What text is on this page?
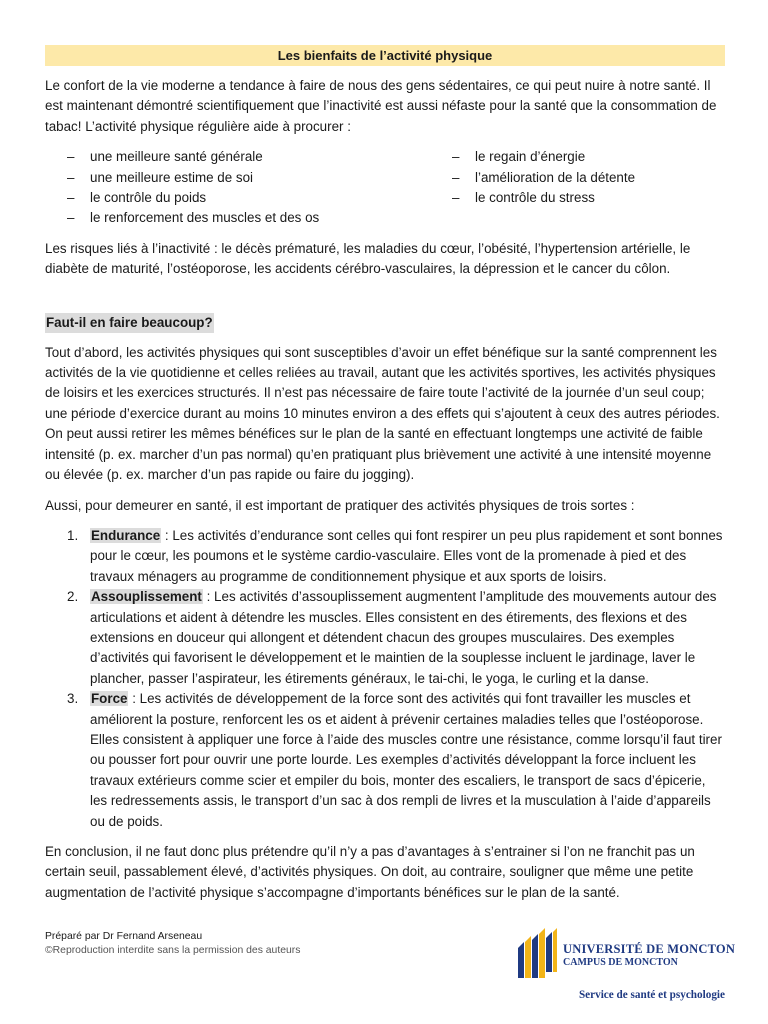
Les bienfaits de l’activité physique

Le confort de la vie moderne a tendance à faire de nous des gens sédentaires, ce qui peut nuire à notre santé. Il est maintenant démontré scientifiquement que l’inactivité est aussi néfaste pour la santé que la consommation de tabac! L’activité physique régulière aide à procurer :

– une meilleure santé générale
– une meilleure estime de soi
– le contrôle du poids
– le renforcement des muscles et des os
– le regain d’énergie
– l’amélioration de la détente
– le contrôle du stress

Les risques liés à l’inactivité : le décès prématuré, les maladies du cœur, l’obésité, l’hypertension artérielle, le diabète de maturité, l’ostéoporose, les accidents cérébro-vasculaires, la dépression et le cancer du côlon.

Faut-il en faire beaucoup?

Tout d’abord, les activités physiques qui sont susceptibles d’avoir un effet bénéfique sur la santé comprennent les activités de la vie quotidienne et celles reliées au travail, autant que les activités sportives, les activités physiques de loisirs et les exercices structurés. Il n’est pas nécessaire de faire toute l’activité de la journée d’un seul coup; une période d’exercice durant au moins 10 minutes environ a des effets qui s’ajoutent à ceux des autres périodes. On peut aussi retirer les mêmes bénéfices sur le plan de la santé en effectuant longtemps une activité de faible intensité (p. ex. marcher d’un pas normal) qu’en pratiquant plus brièvement une activité à une intensité moyenne ou élevée (p. ex. marcher d’un pas rapide ou faire du jogging).

Aussi, pour demeurer en santé, il est important de pratiquer des activités physiques de trois sortes :

1. Endurance : Les activités d’endurance sont celles qui font respirer un peu plus rapidement et sont bonnes pour le cœur, les poumons et le système cardio-vasculaire. Elles vont de la promenade à pied et des travaux ménagers au programme de conditionnement physique et aux sports de loisirs.
2. Assouplissement : Les activités d’assouplissement augmentent l’amplitude des mouvements autour des articulations et aident à détendre les muscles. Elles consistent en des étirements, des flexions et des extensions en douceur qui allongent et détendent chacun des groupes musculaires. Des exemples d’activités qui favorisent le développement et le maintien de la souplesse incluent le jardinage, laver le plancher, passer l’aspirateur, les étirements généraux, le tai-chi, le yoga, le curling et la danse.
3. Force : Les activités de développement de la force sont des activités qui font travailler les muscles et améliorent la posture, renforcent les os et aident à prévenir certaines maladies telles que l’ostéoporose. Elles consistent à appliquer une force à l’aide des muscles contre une résistance, comme lorsqu’il faut tirer ou pousser fort pour ouvrir une porte lourde. Les exemples d’activités développant la force incluent les travaux extérieurs comme scier et empiler du bois, monter des escaliers, le transport de sacs d’épicerie, les redressements assis, le transport d’un sac à dos rempli de livres et la musculation à l’aide d’appareils ou de poids.

En conclusion, il ne faut donc plus prétendre qu’il n’y a pas d’avantages à s’entrainer si l’on ne franchit pas un certain seuil, passablement élevé, d’activités physiques. On doit, au contraire, souligner que même une petite augmentation de l’activité physique s’accompagne d’importants bénéfices sur le plan de la santé.

Préparé par Dr Fernand Arseneau
©Reproduction interdite sans la permission des auteurs	UNIVERSITÉ DE MONCTON
CAMPUS DE MONCTON
Service de santé et psychologie
